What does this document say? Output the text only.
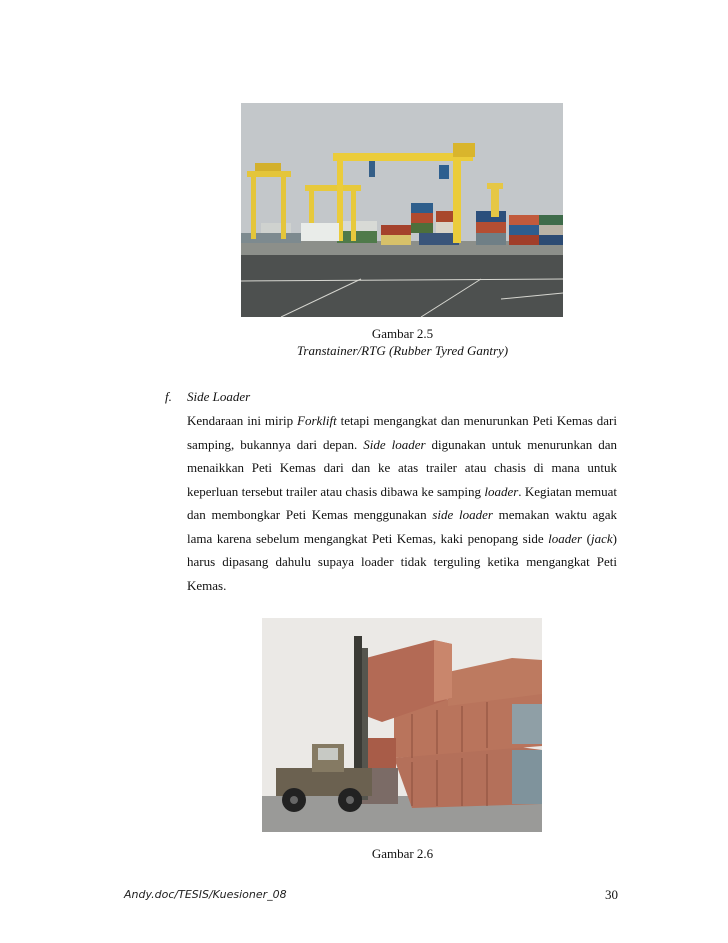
Gambar 2.5
Transtainer/RTG (Rubber Tyred Gantry)
f. Side Loader

Kendaraan ini mirip Forklift tetapi mengangkat dan menurunkan Peti Kemas dari samping, bukannya dari depan. Side loader digunakan untuk menurunkan dan menaikkan Peti Kemas dari dan ke atas trailer atau chasis di mana untuk keperluan tersebut trailer atau chasis dibawa ke samping loader. Kegiatan memuat dan membongkar Peti Kemas menggunakan side loader memakan waktu agak lama karena sebelum mengangkat Peti Kemas, kaki penopang side loader (jack) harus dipasang dahulu supaya loader tidak terguling ketika mengangkat Peti Kemas.

Gambar 2.6
Andy.doc/TESIS/Kuesioner_08	30
